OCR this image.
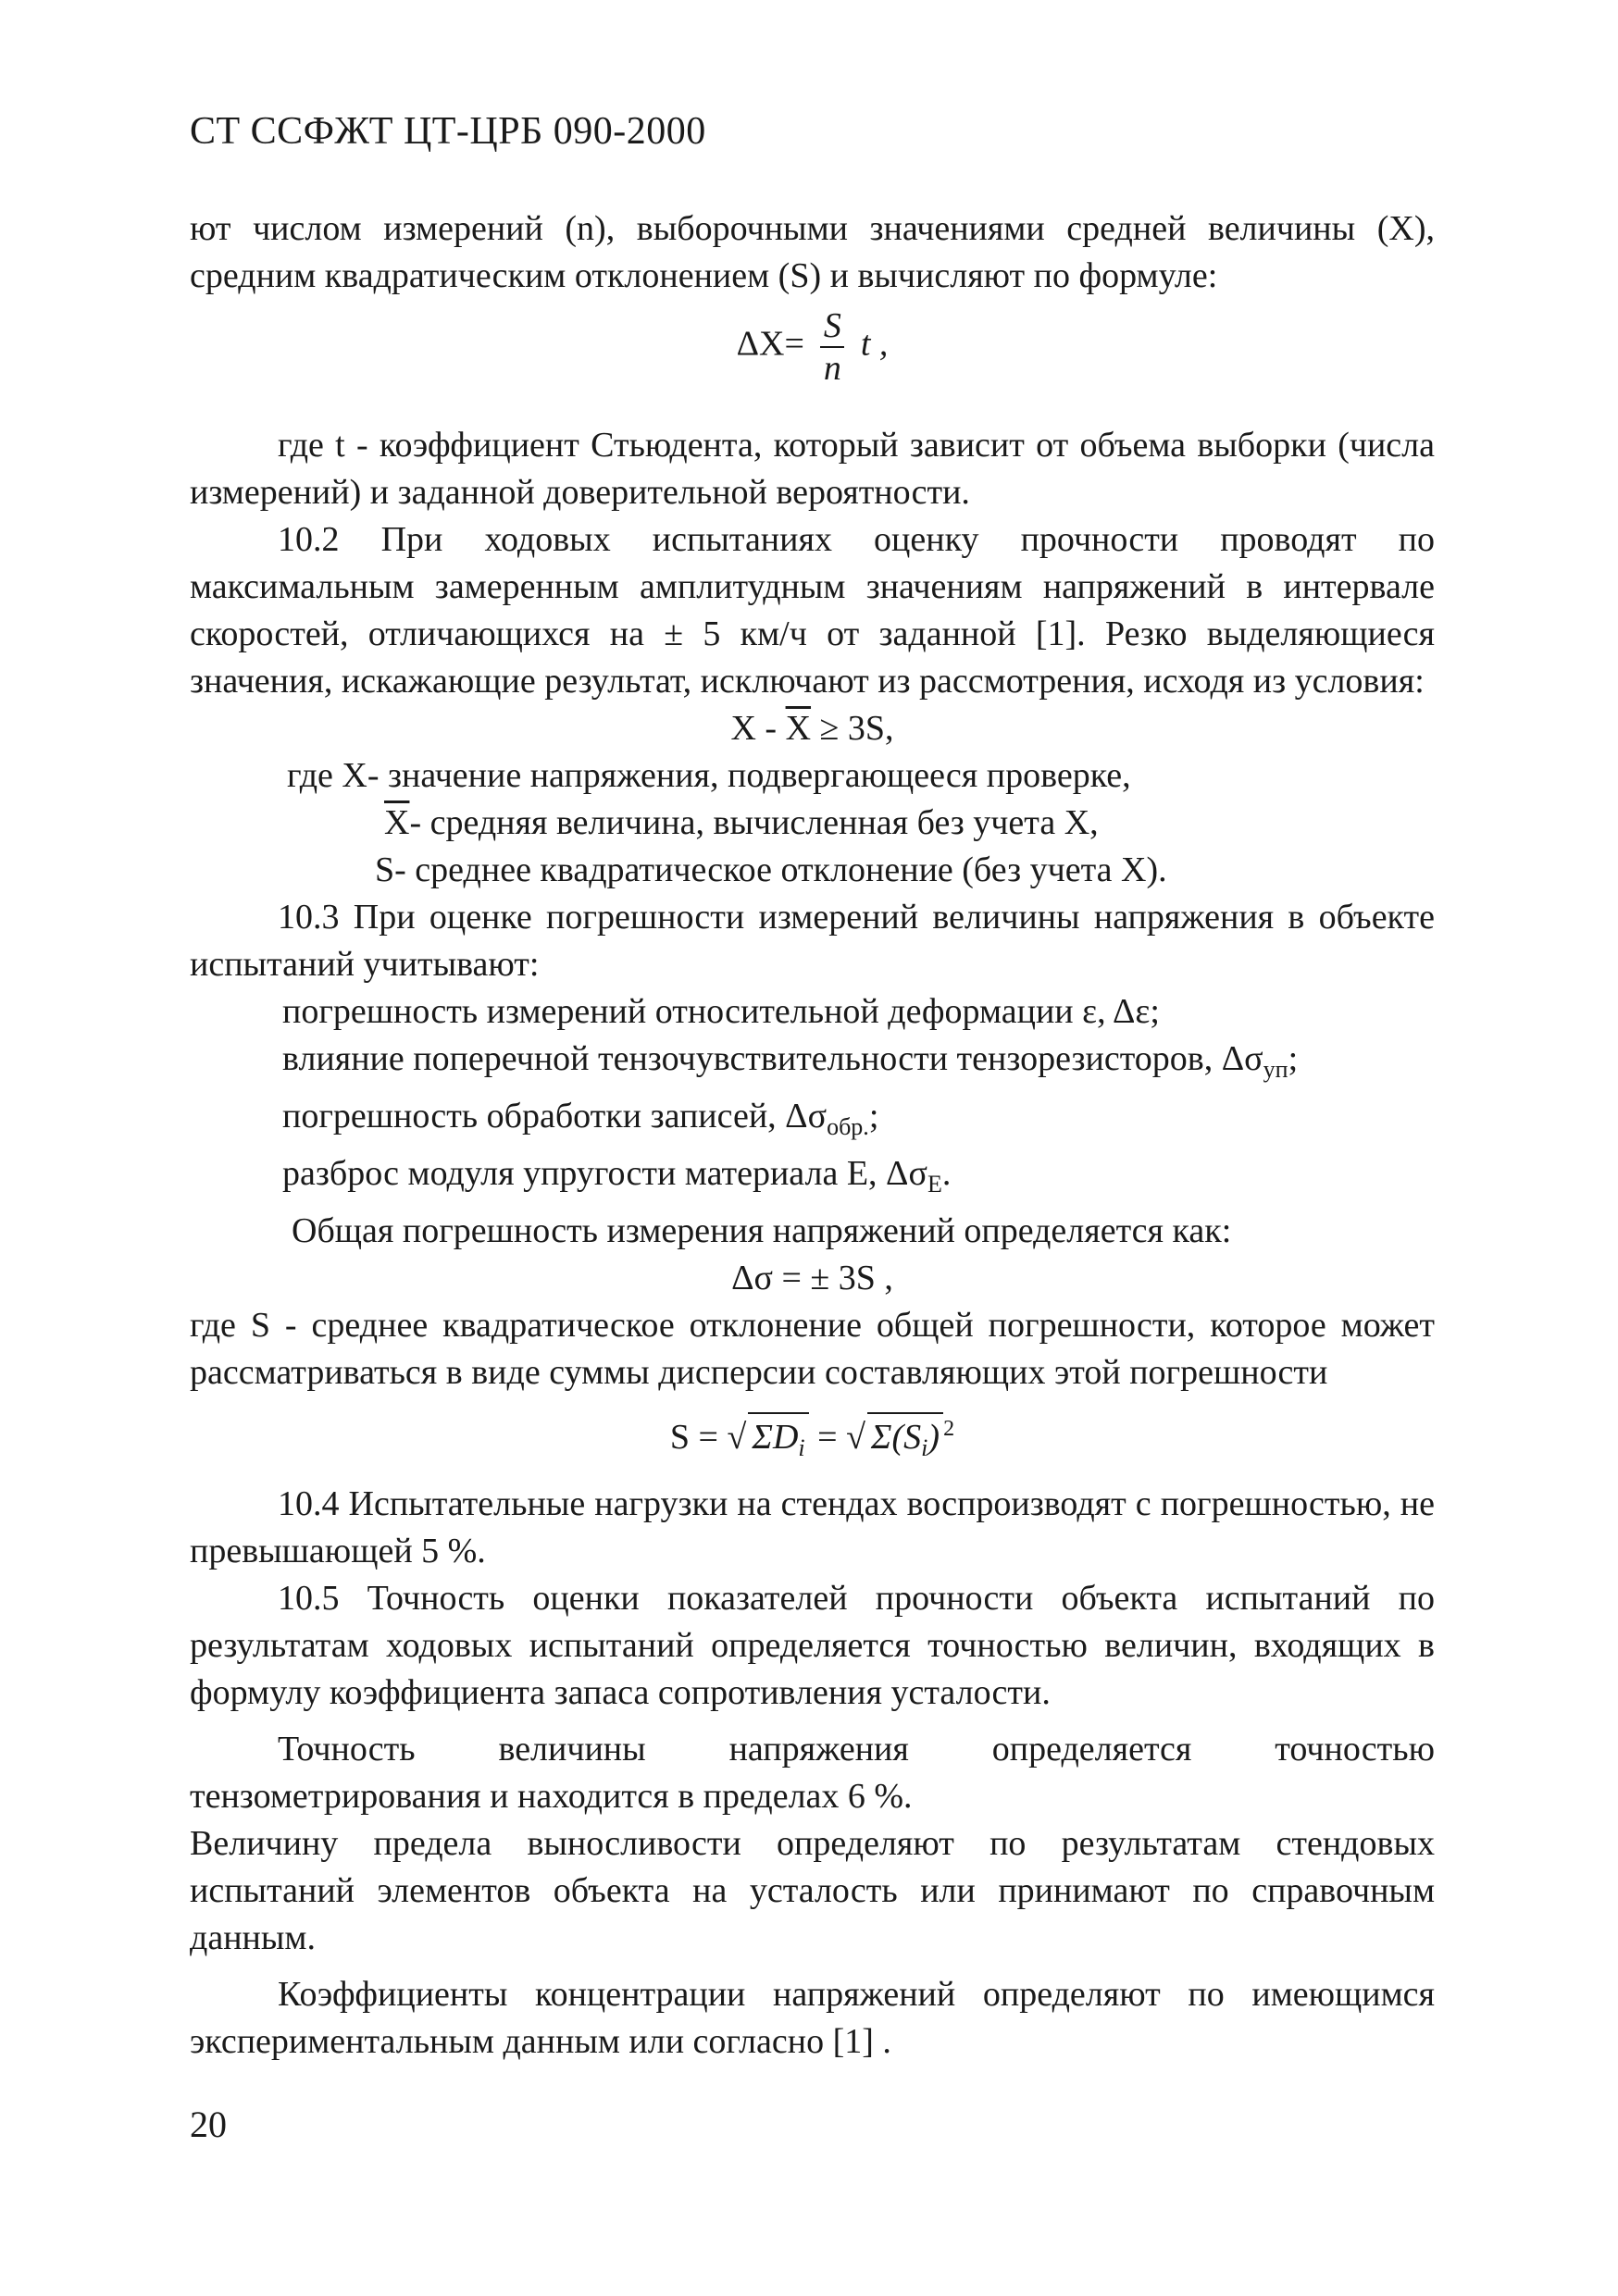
СТ ССФЖТ ЦТ-ЦРБ 090-2000

ют числом измерений (n), выборочными значениями средней величины (X), средним квадратическим отклонением (S) и вычисляют по формуле:

$\Delta X= \frac{S}{n}$ t ,

где t - коэффициент Стьюдента, который зависит от объема выборки (числа измерений) и заданной доверительной вероятности.

10.2 При ходовых испытаниях оценку прочности проводят по максимальным замеренным амплитудным значениям напряжений в интервале скоростей, отличающихся на ± 5 км/ч от заданной [1]. Резко выделяющиеся значения, искажающие результат, исключают из рассмотрения, исходя из условия:

$X - \overline{X} \ge 3S$,

где X - значение напряжения, подвергающееся проверке,
$\overline{X}$ - средняя величина, вычисленная без учета X,
S - среднее квадратическое отклонение (без учета X).

10.3 При оценке погрешности измерений величины напряжения в объекте испытаний учитывают:

погрешность измерений относительной деформации ε, Δε;
влияние поперечной тензочувствительности тензорезисторов, $\Delta\sigma_{уп}$;
погрешность обработки записей, $\Delta\sigma_{обр.}$;
разброс модуля упругости материала E, $\Delta\sigma_E$.

Общая погрешность измерения напряжений определяется как:

Δσ = ± 3S ,

где S - среднее квадратическое отклонение общей погрешности, которое может рассматриваться в виде суммы дисперсии составляющих этой погрешности

S = √ $\Sigma D_i$ = √ $\Sigma(S_i)$ $^2$

10.4 Испытательные нагрузки на стендах воспроизводят с погрешностью, не превышающей 5 %.

10.5 Точность оценки показателей прочности объекта испытаний по результатам ходовых испытаний определяется точностью величин, входящих в формулу коэффициента запаса сопротивления усталости.

Точность величины напряжения определяется точностью тензометрирования и находится в пределах 6 %.

Величину предела выносливости определяют по результатам стендовых испытаний элементов объекта на усталость или принимают по справочным данным.

Коэффициенты концентрации напряжений определяют по имеющимся экспериментальным данным или согласно [1] .

20
